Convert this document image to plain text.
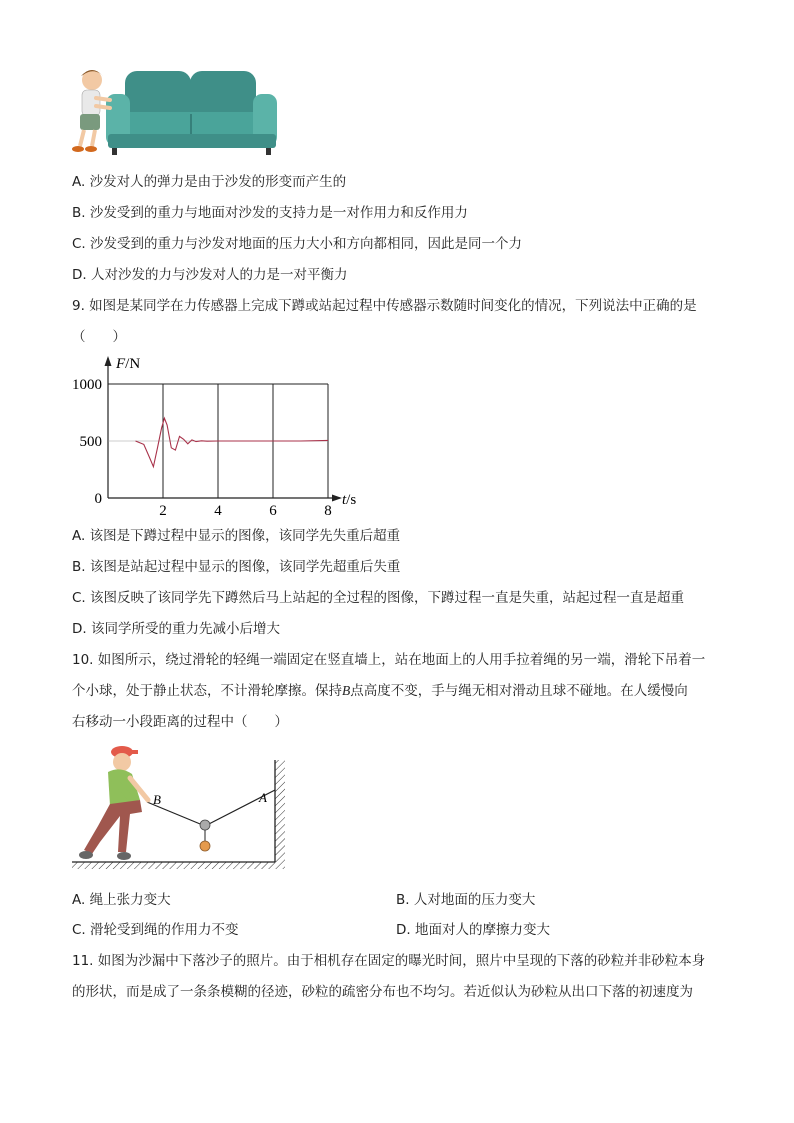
A. 沙发对人的弹力是由于沙发的形变而产生的
B. 沙发受到的重力与地面对沙发的支持力是一对作用力和反作用力
C. 沙发受到的重力与沙发对地面的压力大小和方向都相同，因此是同一个力
D. 人对沙发的力与沙发对人的力是一对平衡力
9. 如图是某同学在力传感器上完成下蹲或站起过程中传感器示数随时间变化的情况，下列说法中正确的是
（　　）
1000
500
0
2	4	6	8
F/N
t/s
A. 该图是下蹲过程中显示的图像，该同学先失重后超重
B. 该图是站起过程中显示的图像，该同学先超重后失重
C. 该图反映了该同学先下蹲然后马上站起的全过程的图像，下蹲过程一直是失重，站起过程一直是超重
D. 该同学所受的重力先减小后增大
10. 如图所示，绕过滑轮的轻绳一端固定在竖直墙上，站在地面上的人用手拉着绳的另一端，滑轮下吊着一
个小球，处于静止状态，不计滑轮摩擦。保持B点高度不变，手与绳无相对滑动且球不碰地。在人缓慢向
右移动一小段距离的过程中（　　）
B	A
A. 绳上张力变大	B. 人对地面的压力变大
C. 滑轮受到绳的作用力不变	D. 地面对人的摩擦力变大
11. 如图为沙漏中下落沙子的照片。由于相机存在固定的曝光时间，照片中呈现的下落的砂粒并非砂粒本身
的形状，而是成了一条条模糊的径迹，砂粒的疏密分布也不均匀。若近似认为砂粒从出口下落的初速度为
